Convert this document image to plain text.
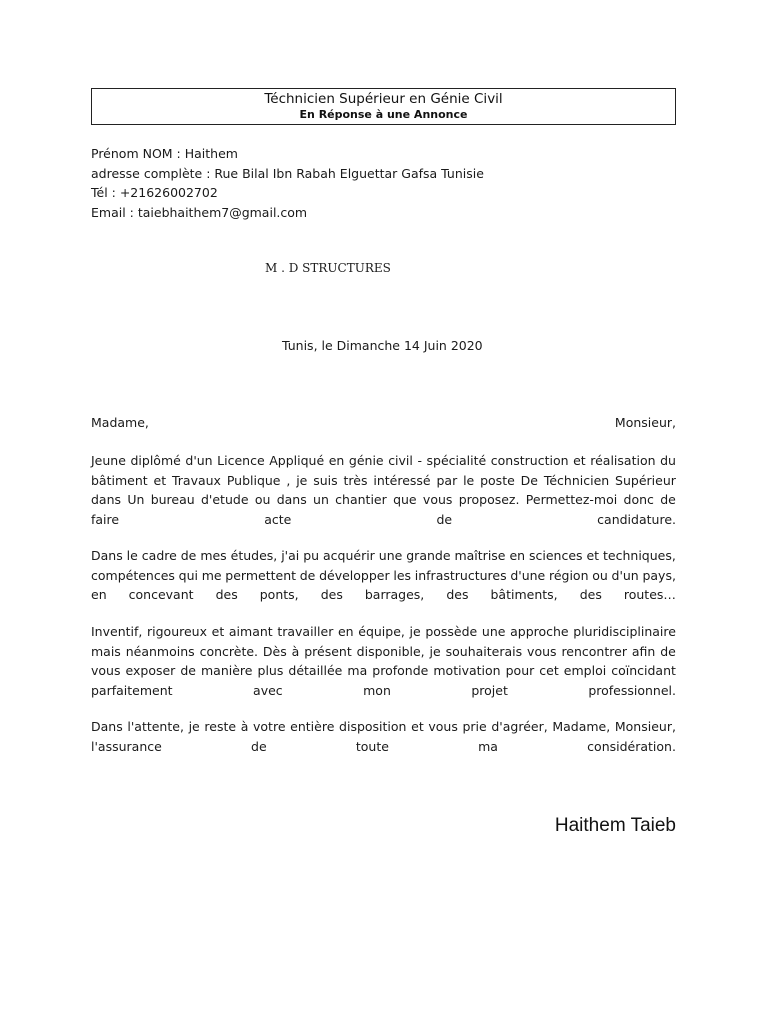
Téchnicien Supérieur en Génie Civil
En Réponse à une Annonce
Prénom NOM : Haithem
adresse complète : Rue Bilal Ibn Rabah Elguettar Gafsa Tunisie
Tél : +21626002702
Email : taiebhaithem7@gmail.com
M . D STRUCTURES
Tunis, le Dimanche 14 Juin 2020
Madame,	Monsieur,
Jeune diplômé d'un Licence Appliqué en génie civil - spécialité construction et réalisation du
bâtiment et Travaux Publique , je suis très intéressé par le poste De Téchnicien Supérieur
dans Un bureau d'etude ou dans un chantier que vous proposez. Permettez-moi donc de
faire	acte	de	candidature.
Dans le cadre de mes études, j'ai pu acquérir une grande maîtrise en sciences et techniques,
compétences qui me permettent de développer les infrastructures d'une région ou d'un pays,
en concevant des ponts, des barrages, des bâtiments, des routes…
Inventif, rigoureux et aimant travailler en équipe, je possède une approche pluridisciplinaire
mais néanmoins concrète. Dès à présent disponible, je souhaiterais vous rencontrer afin de
vous exposer de manière plus détaillée ma profonde motivation pour cet emploi coïncidant
parfaitement	avec	mon	projet	professionnel.
Dans l'attente, je reste à votre entière disposition et vous prie d'agréer, Madame, Monsieur,
l'assurance	de	toute	ma	considération.
Haithem Taieb
